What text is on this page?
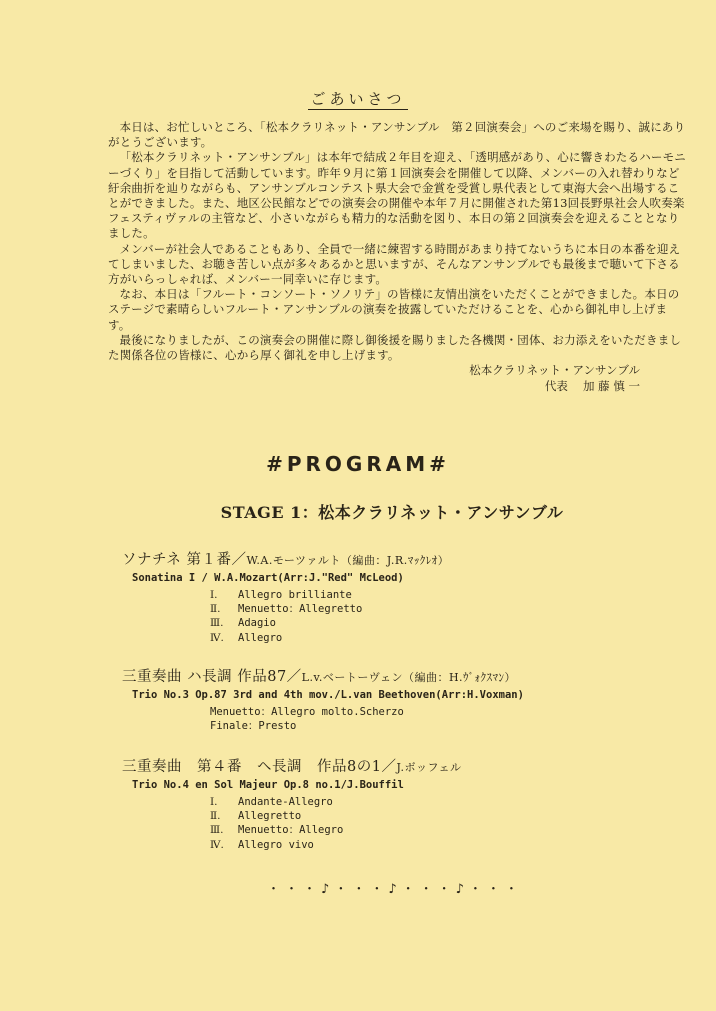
ごあいさつ

本日は、お忙しいところ、「松本クラリネット・アンサンブル　第２回演奏会」へのご来場を賜り、誠にありがとうございます。

「松本クラリネット・アンサンブル」は本年で結成２年目を迎え、「透明感があり、心に響きわたるハーモニーづくり」を目指して活動しています。昨年９月に第１回演奏会を開催して以降、メンバーの入れ替わりなど紆余曲折を辿りながらも、アンサンブルコンテスト県大会で金賞を受賞し県代表として東海大会へ出場することができました。また、地区公民館などでの演奏会の開催や本年７月に開催された第13回長野県社会人吹奏楽フェスティヴァルの主管など、小さいながらも精力的な活動を図り、本日の第２回演奏会を迎えることとなりました。

メンバーが社会人であることもあり、全員で一緒に練習する時間があまり持てないうちに本日の本番を迎えてしまいました、お聴き苦しい点が多々あるかと思いますが、そんなアンサンブルでも最後まで聴いて下さる方がいらっしゃれば、メンバー一同幸いに存じます。

なお、本日は「フルート・コンソート・ソノリテ」の皆様に友情出演をいただくことができました。本日のステージで素晴らしいフルート・アンサンブルの演奏を披露していただけることを、心から御礼申し上げます。

最後になりましたが、この演奏会の開催に際し御後援を賜りました各機関・団体、お力添えをいただきました関係各位の皆様に、心から厚く御礼を申し上げます。

松本クラリネット・アンサンブル
代表　 加 藤 慎 一
#PROGRAM#
STAGE 1：松本クラリネット・アンサンブル
ソナチネ 第１番／W.A.モーツァルト（編曲：J.R.ﾏｯｸﾚｵ）
Sonatina I / W.A.Mozart(Arr:J."Red" McLeod)
Ⅰ.	Allegro brilliante
Ⅱ.	Menuetto：Allegretto
Ⅲ.	Adagio
Ⅳ.	Allegro
三重奏曲 ハ長調 作品87／L.v.ベートーヴェン（編曲：H.ｳﾞｫｸｽﾏﾝ）
Trio No.3 Op.87 3rd and 4th mov./L.van Beethoven(Arr:H.Voxman)
Menuetto：Allegro molto.Scherzo
Finale：Presto
三重奏曲　第４番　ヘ長調　作品8の1／J.ボッフェル
Trio No.4 en Sol Majeur Op.8 no.1/J.Bouffil
Ⅰ.	Andante-Allegro
Ⅱ.	Allegretto
Ⅲ.	Menuetto：Allegro
Ⅳ.	Allegro vivo
・・・♪・・・♪・・・♪・・・
